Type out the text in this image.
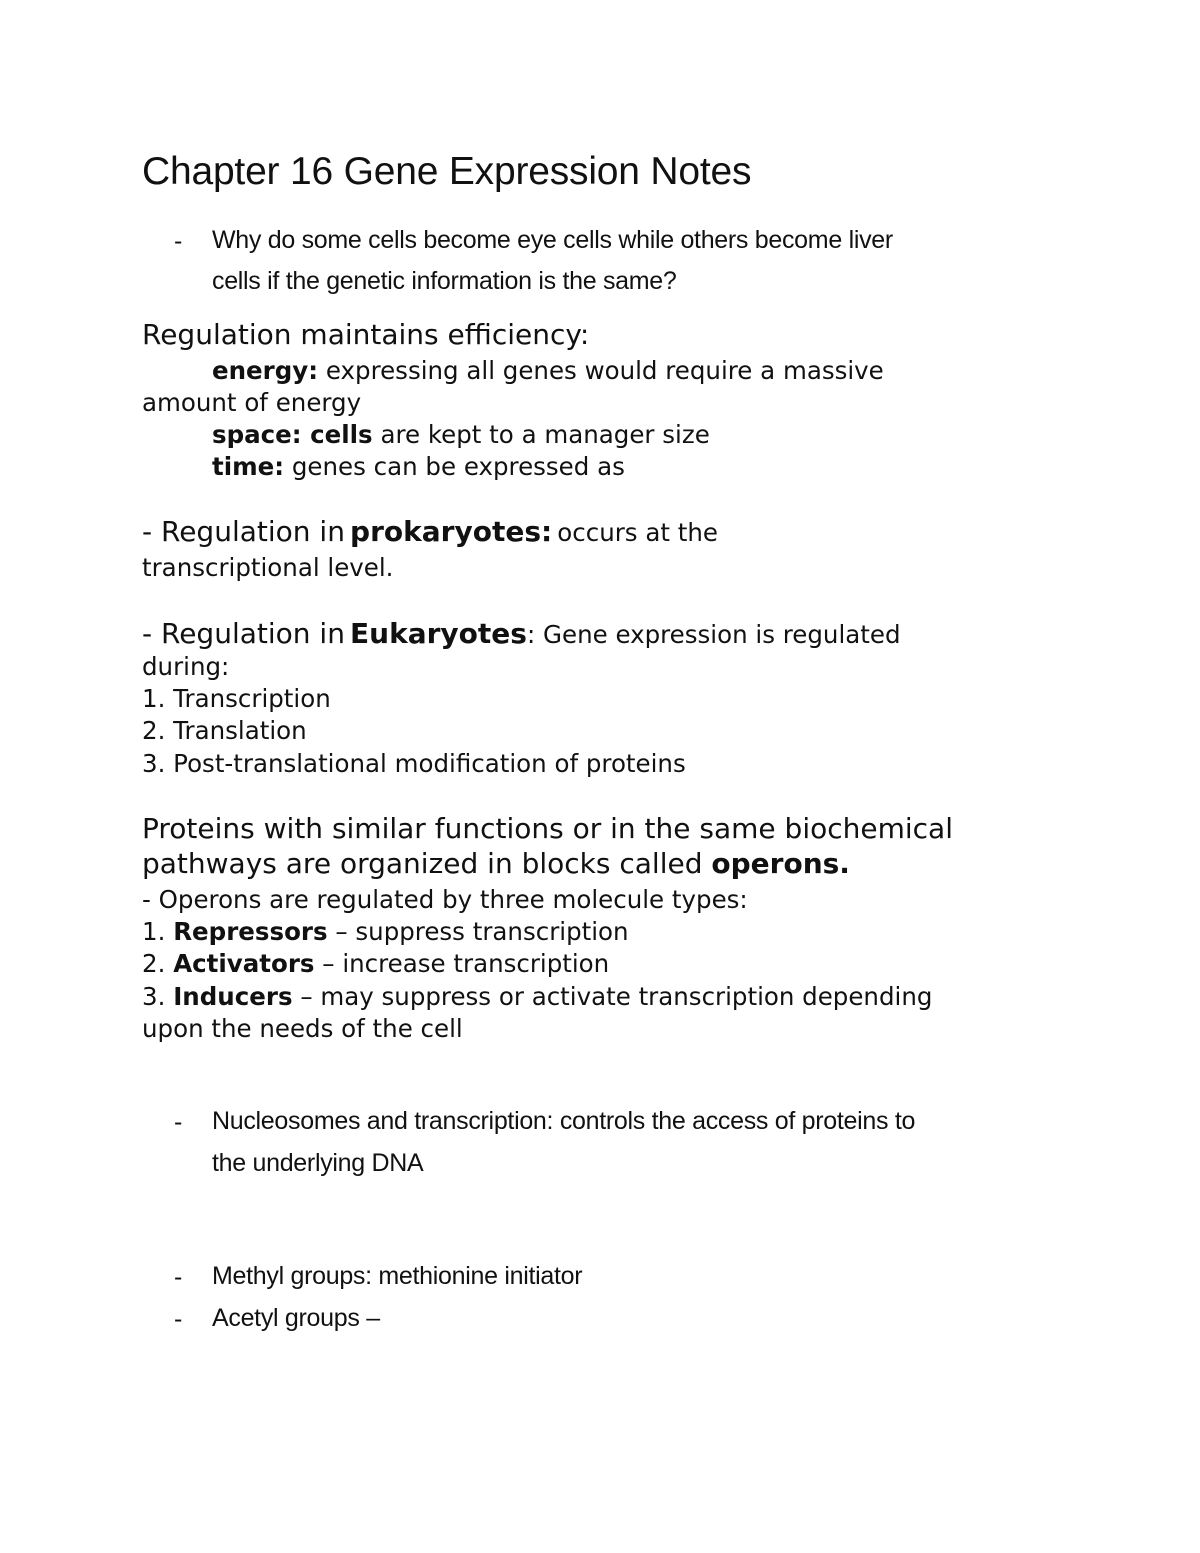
Chapter 16 Gene Expression Notes
- Why do some cells become eye cells while others become liver

cells if the genetic information is the same?

Regulation maintains efficiency:

energy: expressing all genes would require a massive

amount of energy

space: cells are kept to a manager size

time: genes can be expressed as

- Regulation in prokaryotes: occurs at the

transcriptional level.

- Regulation in Eukaryotes: Gene expression is regulated

during:

1. Transcription

2. Translation

3. Post-translational modification of proteins

Proteins with similar functions or in the same biochemical

pathways are organized in blocks called operons.

- Operons are regulated by three molecule types:

1. Repressors – suppress transcription

2. Activators – increase transcription

3. Inducers – may suppress or activate transcription depending

upon the needs of the cell

- Nucleosomes and transcription: controls the access of proteins to

the underlying DNA

- Methyl groups: methionine initiator

- Acetyl groups –
